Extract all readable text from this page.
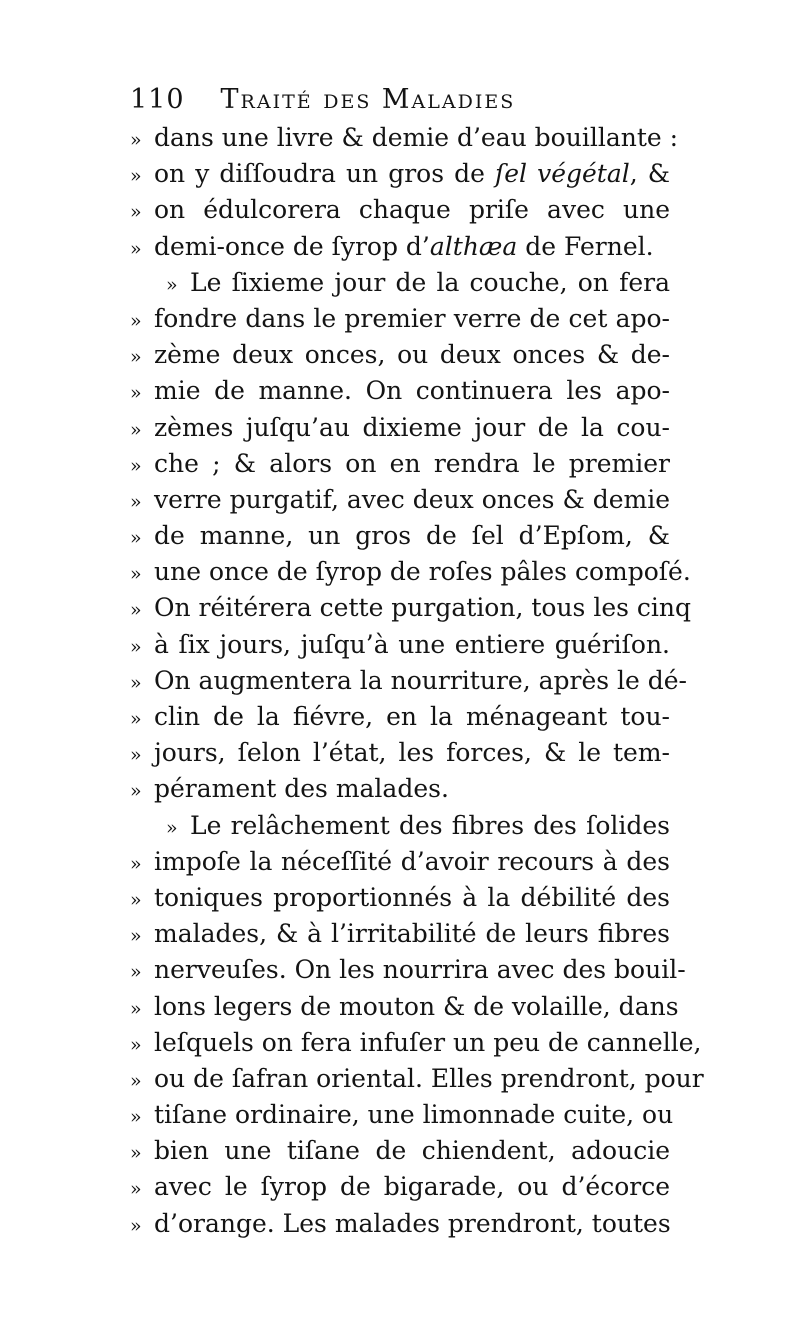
110 Traité des Maladies
» dans une livre & demie d’eau bouillante :
» on y diſſoudra un gros de ſel végétal, &
» on édulcorera chaque priſe avec une
» demi-once de ſyrop d’althæa de Fernel.
» Le ſixieme jour de la couche, on fera
» fondre dans le premier verre de cet apo-
» zème deux onces, ou deux onces & de-
» mie de manne. On continuera les apo-
» zèmes juſqu’au dixieme jour de la cou-
» che ; & alors on en rendra le premier
» verre purgatif, avec deux onces & demie
» de manne, un gros de ſel d’Epſom, &
» une once de ſyrop de roſes pâles compoſé.
» On réitérera cette purgation, tous les cinq
» à ſix jours, juſqu’à une entiere guériſon.
» On augmentera la nourriture, après le dé-
» clin de la fiévre, en la ménageant tou-
» jours, ſelon l’état, les forces, & le tem-
» pérament des malades.
» Le relâchement des fibres des ſolides
» impoſe la néceſſité d’avoir recours à des
» toniques proportionnés à la débilité des
» malades, & à l’irritabilité de leurs fibres
» nerveuſes. On les nourrira avec des bouil-
» lons legers de mouton & de volaille, dans
» leſquels on fera infuſer un peu de cannelle,
» ou de ſafran oriental. Elles prendront, pour
» tiſane ordinaire, une limonnade cuite, ou
» bien une tiſane de chiendent, adoucie
» avec le ſyrop de bigarade, ou d’écorce
» d’orange. Les malades prendront, toutes
